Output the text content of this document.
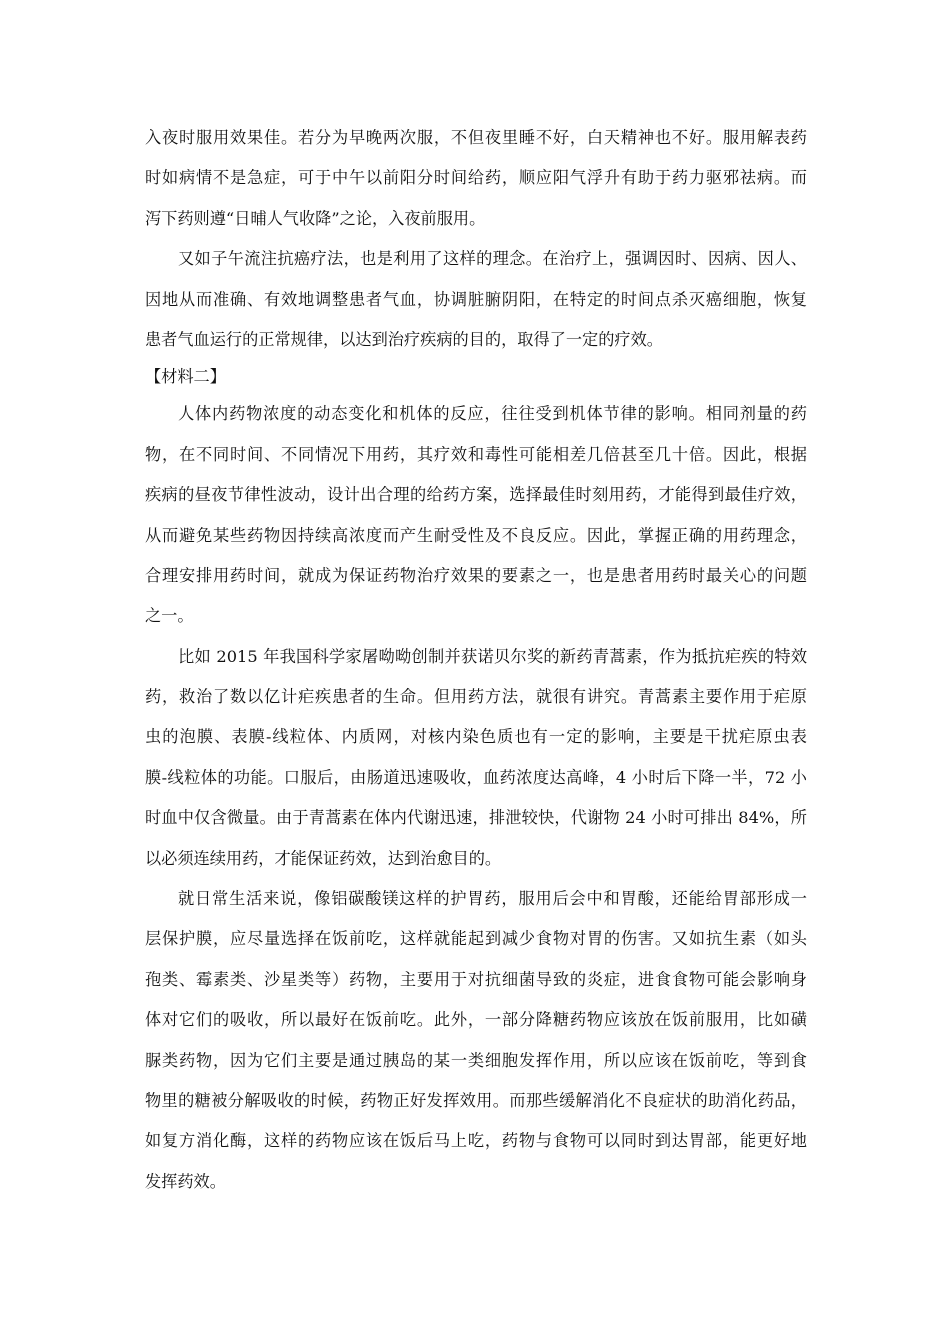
入夜时服用效果佳。若分为早晚两次服，不但夜里睡不好，白天精神也不好。服用解表药
时如病情不是急症，可于中午以前阳分时间给药，顺应阳气浮升有助于药力驱邪祛病。而
泻下药则遵“日晡人气收降”之论，入夜前服用。
又如子午流注抗癌疗法，也是利用了这样的理念。在治疗上，强调因时、因病、因人、
因地从而准确、有效地调整患者气血，协调脏腑阴阳，在特定的时间点杀灭癌细胞，恢复
患者气血运行的正常规律，以达到治疗疾病的目的，取得了一定的疗效。
【材料二】
人体内药物浓度的动态变化和机体的反应，往往受到机体节律的影响。相同剂量的药
物，在不同时间、不同情况下用药，其疗效和毒性可能相差几倍甚至几十倍。因此，根据
疾病的昼夜节律性波动，设计出合理的给药方案，选择最佳时刻用药，才能得到最佳疗效，
从而避免某些药物因持续高浓度而产生耐受性及不良反应。因此，掌握正确的用药理念，
合理安排用药时间，就成为保证药物治疗效果的要素之一，也是患者用药时最关心的问题
之一。
比如 2015 年我国科学家屠呦呦创制并获诺贝尔奖的新药青蒿素，作为抵抗疟疾的特效
药，救治了数以亿计疟疾患者的生命。但用药方法，就很有讲究。青蒿素主要作用于疟原
虫的泡膜、表膜-线粒体、内质网，对核内染色质也有一定的影响，主要是干扰疟原虫表
膜-线粒体的功能。口服后，由肠道迅速吸收，血药浓度达高峰，4 小时后下降一半，72 小
时血中仅含微量。由于青蒿素在体内代谢迅速，排泄较快，代谢物 24 小时可排出 84%，所
以必须连续用药，才能保证药效，达到治愈目的。
就日常生活来说，像铝碳酸镁这样的护胃药，服用后会中和胃酸，还能给胃部形成一
层保护膜，应尽量选择在饭前吃，这样就能起到减少食物对胃的伤害。又如抗生素（如头
孢类、霉素类、沙星类等）药物，主要用于对抗细菌导致的炎症，进食食物可能会影响身
体对它们的吸收，所以最好在饭前吃。此外，一部分降糖药物应该放在饭前服用，比如磺
脲类药物，因为它们主要是通过胰岛的某一类细胞发挥作用，所以应该在饭前吃，等到食
物里的糖被分解吸收的时候，药物正好发挥效用。而那些缓解消化不良症状的助消化药品，
如复方消化酶，这样的药物应该在饭后马上吃，药物与食物可以同时到达胃部，能更好地
发挥药效。
